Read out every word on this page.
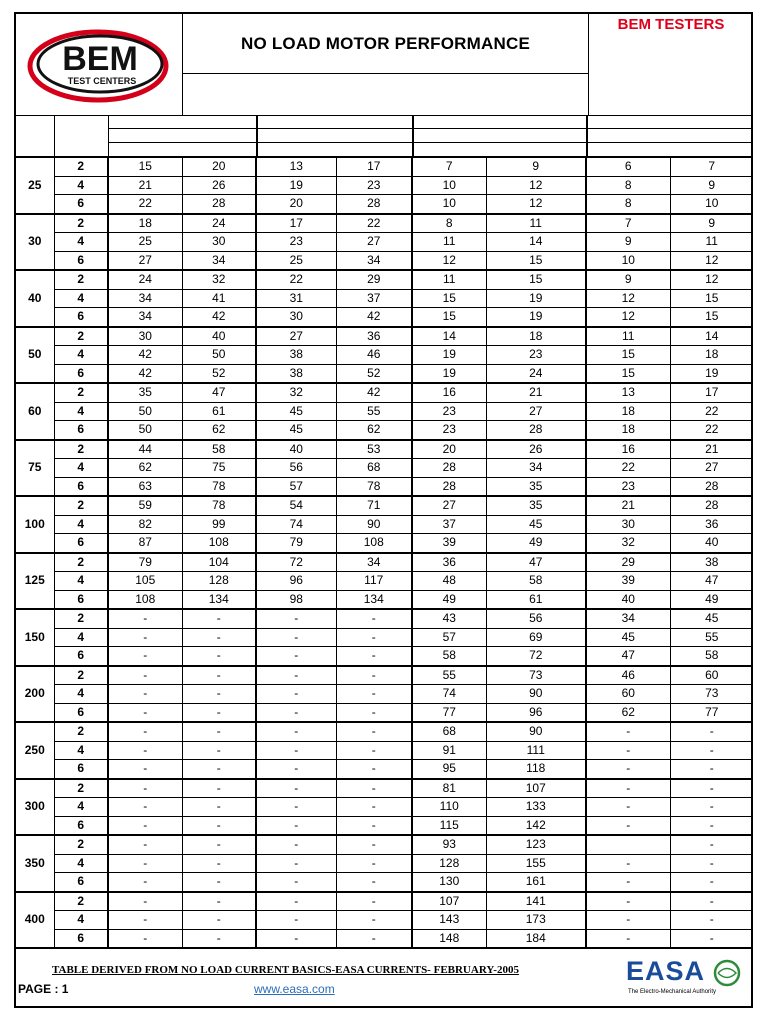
BEM
TEST CENTERS
NO LOAD MOTOR PERFORMANCE
BEM TESTERS
25	2	15	20	13	17	7	9	6	7
	4	21	26	19	23	10	12	8	9
	6	22	28	20	28	10	12	8	10
30	2	18	24	17	22	8	11	7	9
	4	25	30	23	27	11	14	9	11
	6	27	34	25	34	12	15	10	12
40	2	24	32	22	29	11	15	9	12
	4	34	41	31	37	15	19	12	15
	6	34	42	30	42	15	19	12	15
50	2	30	40	27	36	14	18	11	14
	4	42	50	38	46	19	23	15	18
	6	42	52	38	52	19	24	15	19
60	2	35	47	32	42	16	21	13	17
	4	50	61	45	55	23	27	18	22
	6	50	62	45	62	23	28	18	22
75	2	44	58	40	53	20	26	16	21
	4	62	75	56	68	28	34	22	27
	6	63	78	57	78	28	35	23	28
100	2	59	78	54	71	27	35	21	28
	4	82	99	74	90	37	45	30	36
	6	87	108	79	108	39	49	32	40
125	2	79	104	72	34	36	47	29	38
	4	105	128	96	117	48	58	39	47
	6	108	134	98	134	49	61	40	49
150	2	-	-	-	-	43	56	34	45
	4	-	-	-	-	57	69	45	55
	6	-	-	-	-	58	72	47	58
200	2	-	-	-	-	55	73	46	60
	4	-	-	-	-	74	90	60	73
	6	-	-	-	-	77	96	62	77
250	2	-	-	-	-	68	90	-	-
	4	-	-	-	-	91	111	-	-
	6	-	-	-	-	95	118	-	-
300	2	-	-	-	-	81	107	-	-
	4	-	-	-	-	110	133	-	-
	6	-	-	-	-	115	142	-	-
350	2	-	-	-	-	93	123		-
	4	-	-	-	-	128	155	-	-
	6	-	-	-	-	130	161	-	-
400	2	-	-	-	-	107	141	-	-
	4	-	-	-	-	143	173	-	-
	6	-	-	-	-	148	184	-	-
TABLE DERIVED FROM NO LOAD CURRENT BASICS-EASA CURRENTS- FEBRUARY-2005
PAGE : 1	www.easa.com
EASA
The Electro-Mechanical Authority
